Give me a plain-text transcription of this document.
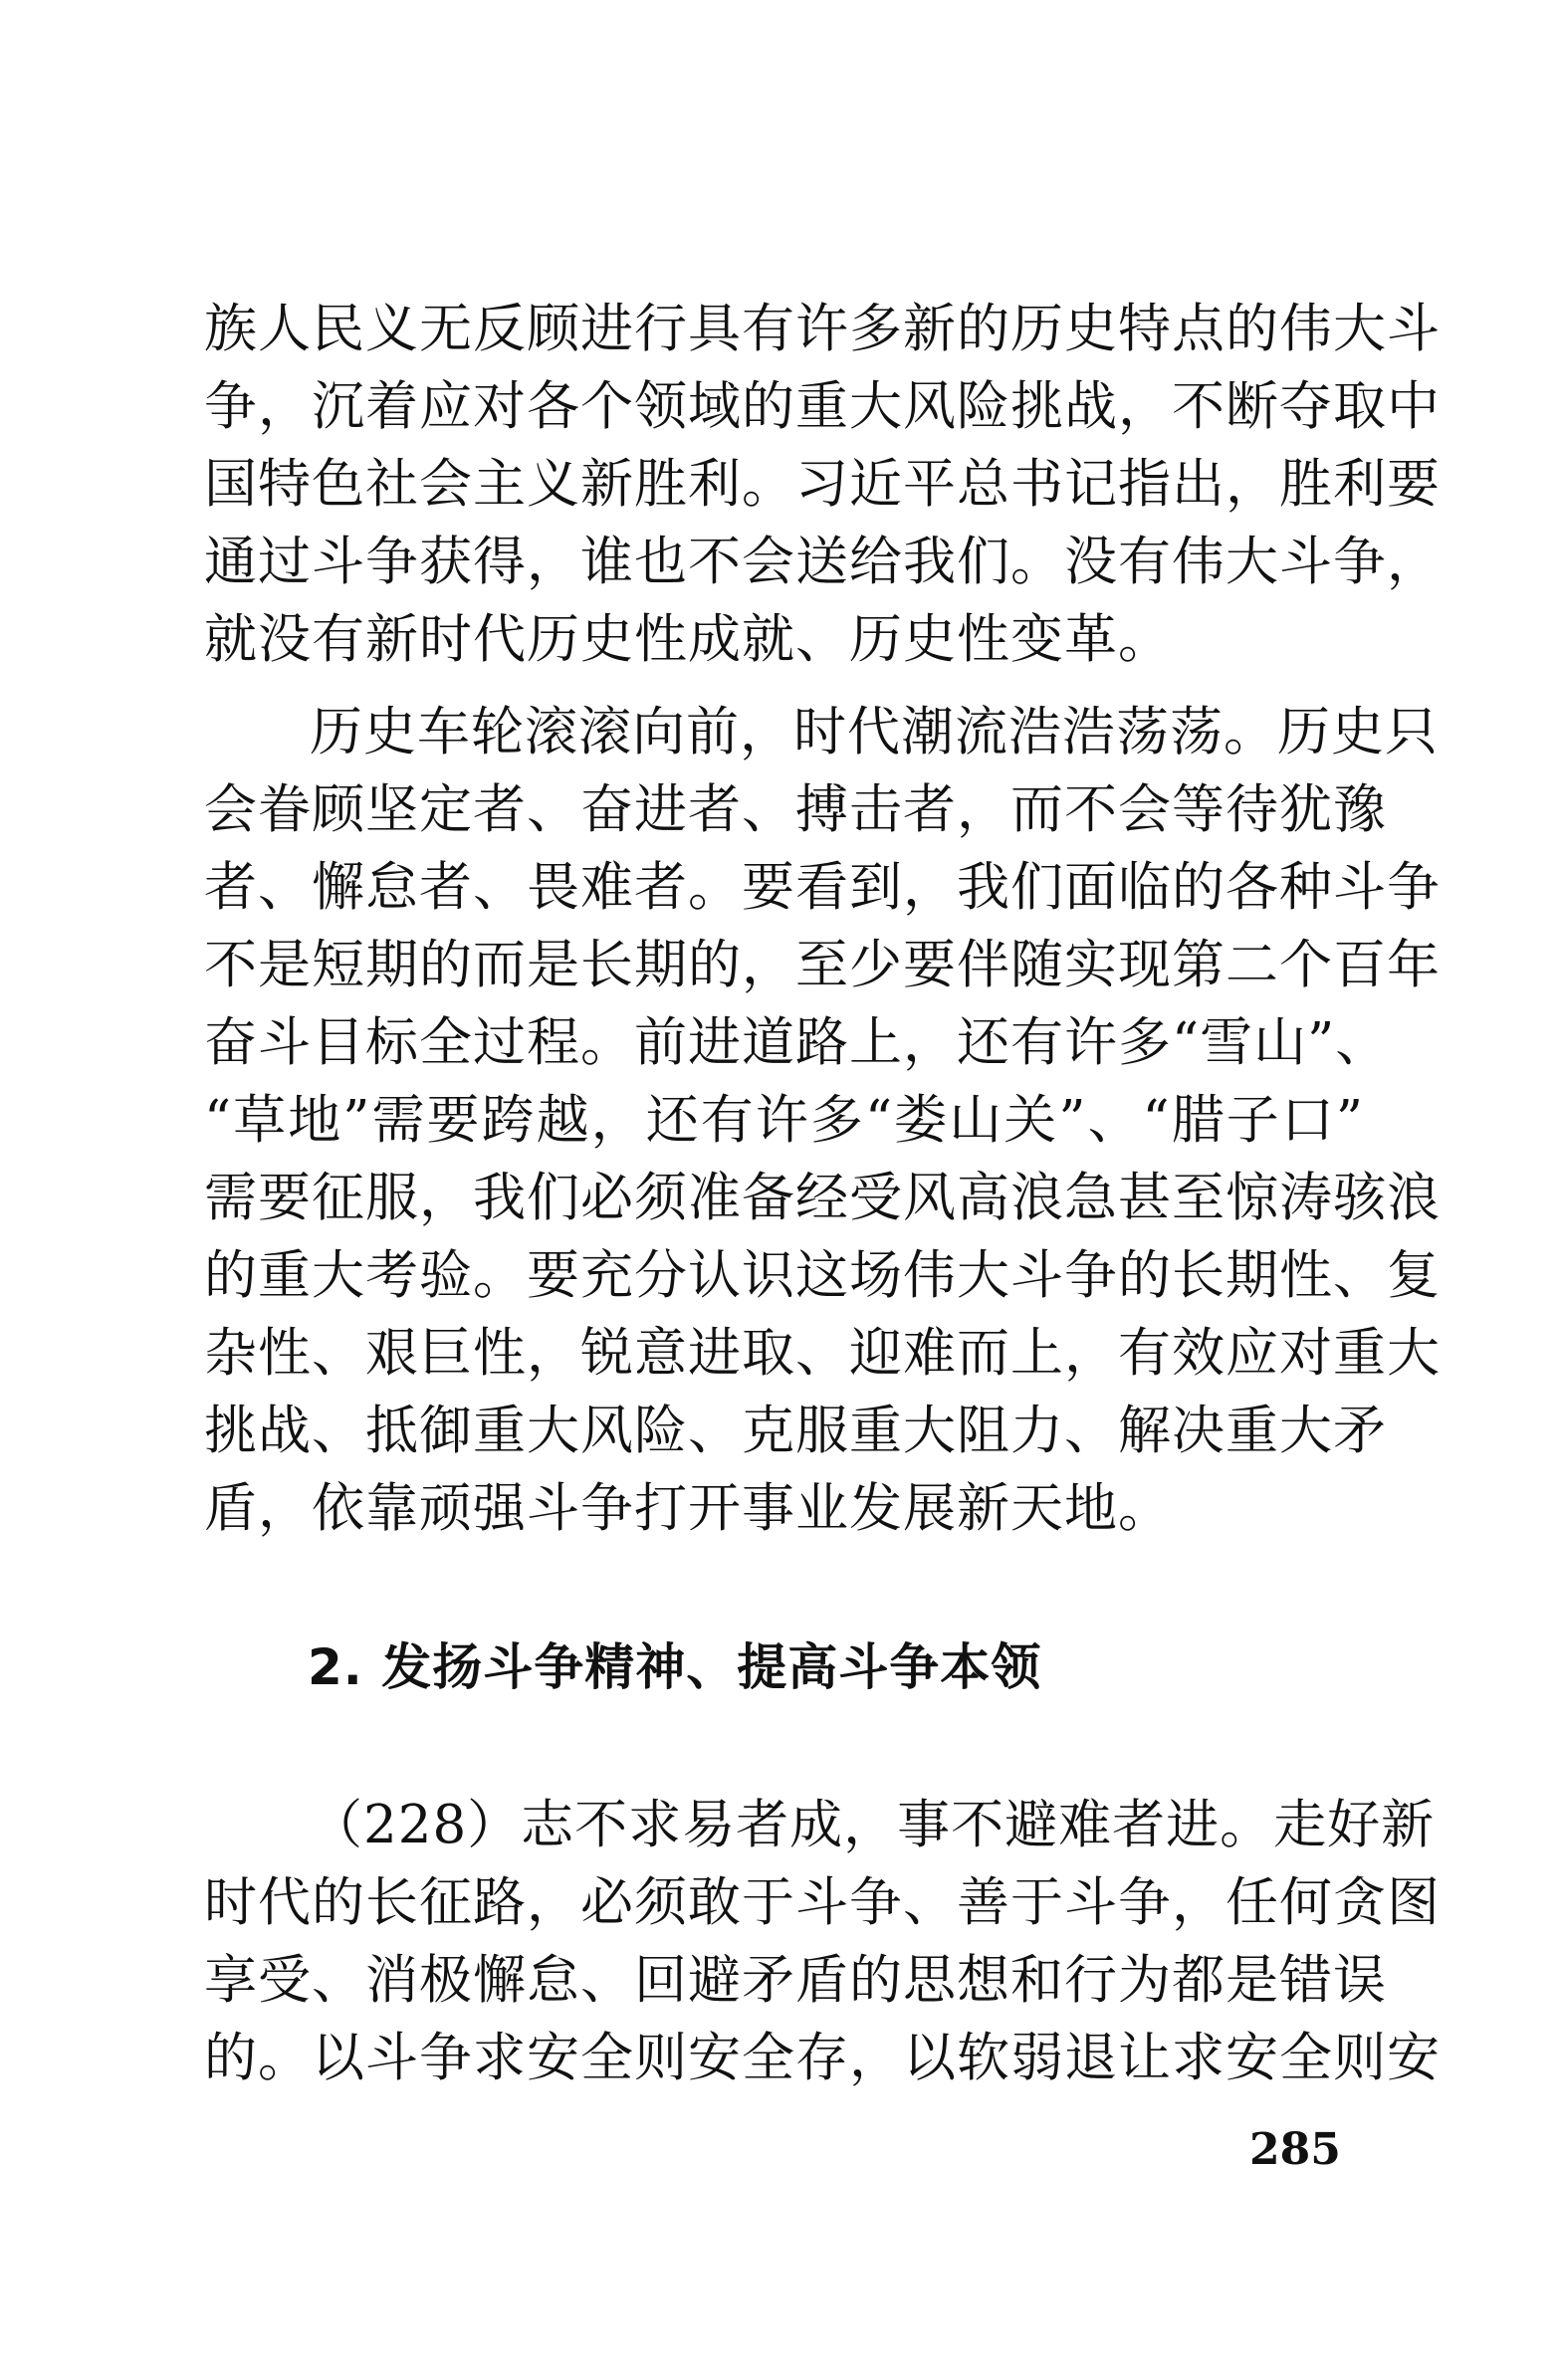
族人民义无反顾进行具有许多新的历史特点的伟大斗
争，沉着应对各个领域的重大风险挑战，不断夺取中
国特色社会主义新胜利。习近平总书记指出，胜利要
通过斗争获得，谁也不会送给我们。没有伟大斗争，
就没有新时代历史性成就、历史性变革。
历史车轮滚滚向前，时代潮流浩浩荡荡。历史只
会眷顾坚定者、奋进者、搏击者，而不会等待犹豫
者、懈怠者、畏难者。要看到，我们面临的各种斗争
不是短期的而是长期的，至少要伴随实现第二个百年
奋斗目标全过程。前进道路上，还有许多“雪山”、
“草地”需要跨越，还有许多“娄山关”、“腊子口”
需要征服，我们必须准备经受风高浪急甚至惊涛骇浪
的重大考验。要充分认识这场伟大斗争的长期性、复
杂性、艰巨性，锐意进取、迎难而上，有效应对重大
挑战、抵御重大风险、克服重大阻力、解决重大矛
盾，依靠顽强斗争打开事业发展新天地。
2. 发扬斗争精神、提高斗争本领
（228）志不求易者成，事不避难者进。走好新
时代的长征路，必须敢于斗争、善于斗争，任何贪图
享受、消极懈怠、回避矛盾的思想和行为都是错误
的。以斗争求安全则安全存，以软弱退让求安全则安
285
